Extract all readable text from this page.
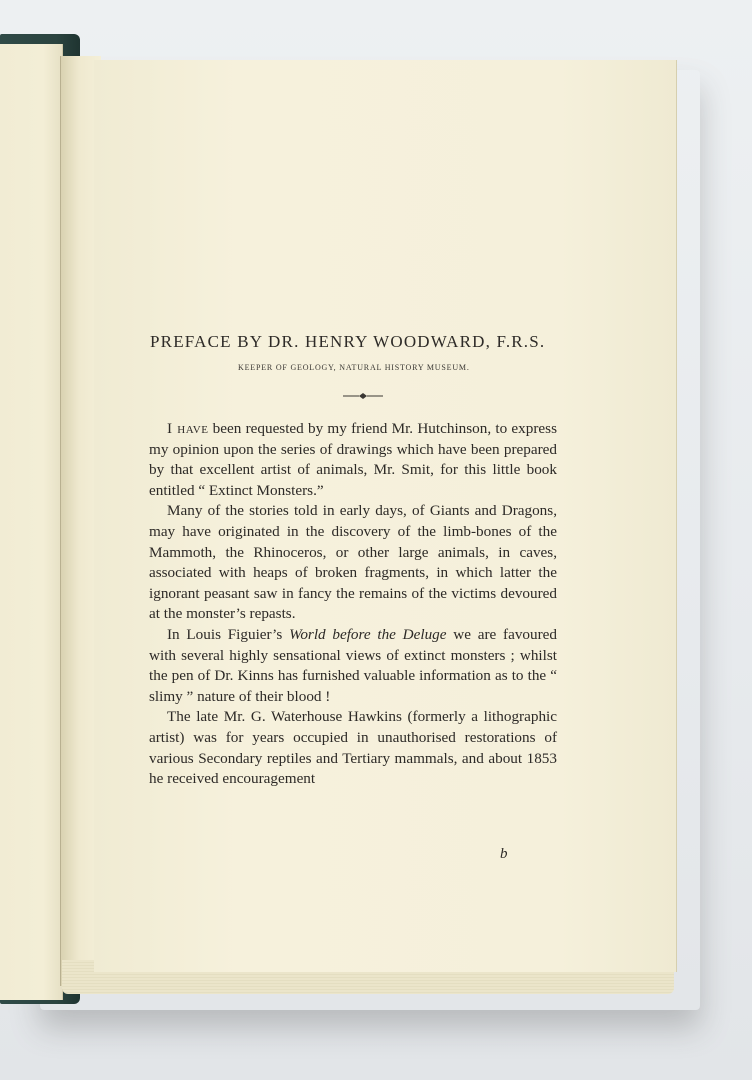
PREFACE BY DR. HENRY WOODWARD, F.R.S.
KEEPER OF GEOLOGY, NATURAL HISTORY MUSEUM.

I have been requested by my friend Mr. Hutchinson, to express my opinion upon the series of drawings which have been prepared by that excellent artist of animals, Mr. Smit, for this little book entitled “ Extinct Monsters.”

Many of the stories told in early days, of Giants and Dragons, may have originated in the discovery of the limb-bones of the Mammoth, the Rhinoceros, or other large animals, in caves, associated with heaps of broken fragments, in which latter the ignorant peasant saw in fancy the remains of the victims devoured at the monster’s repasts.

In Louis Figuier’s World before the Deluge we are favoured with several highly sensational views of extinct monsters ; whilst the pen of Dr. Kinns has furnished valuable information as to the “ slimy ” nature of their blood !

The late Mr. G. Waterhouse Hawkins (formerly a lithographic artist) was for years occupied in unauthorised restorations of various Secondary reptiles and Tertiary mammals, and about 1853 he received encouragement

b
